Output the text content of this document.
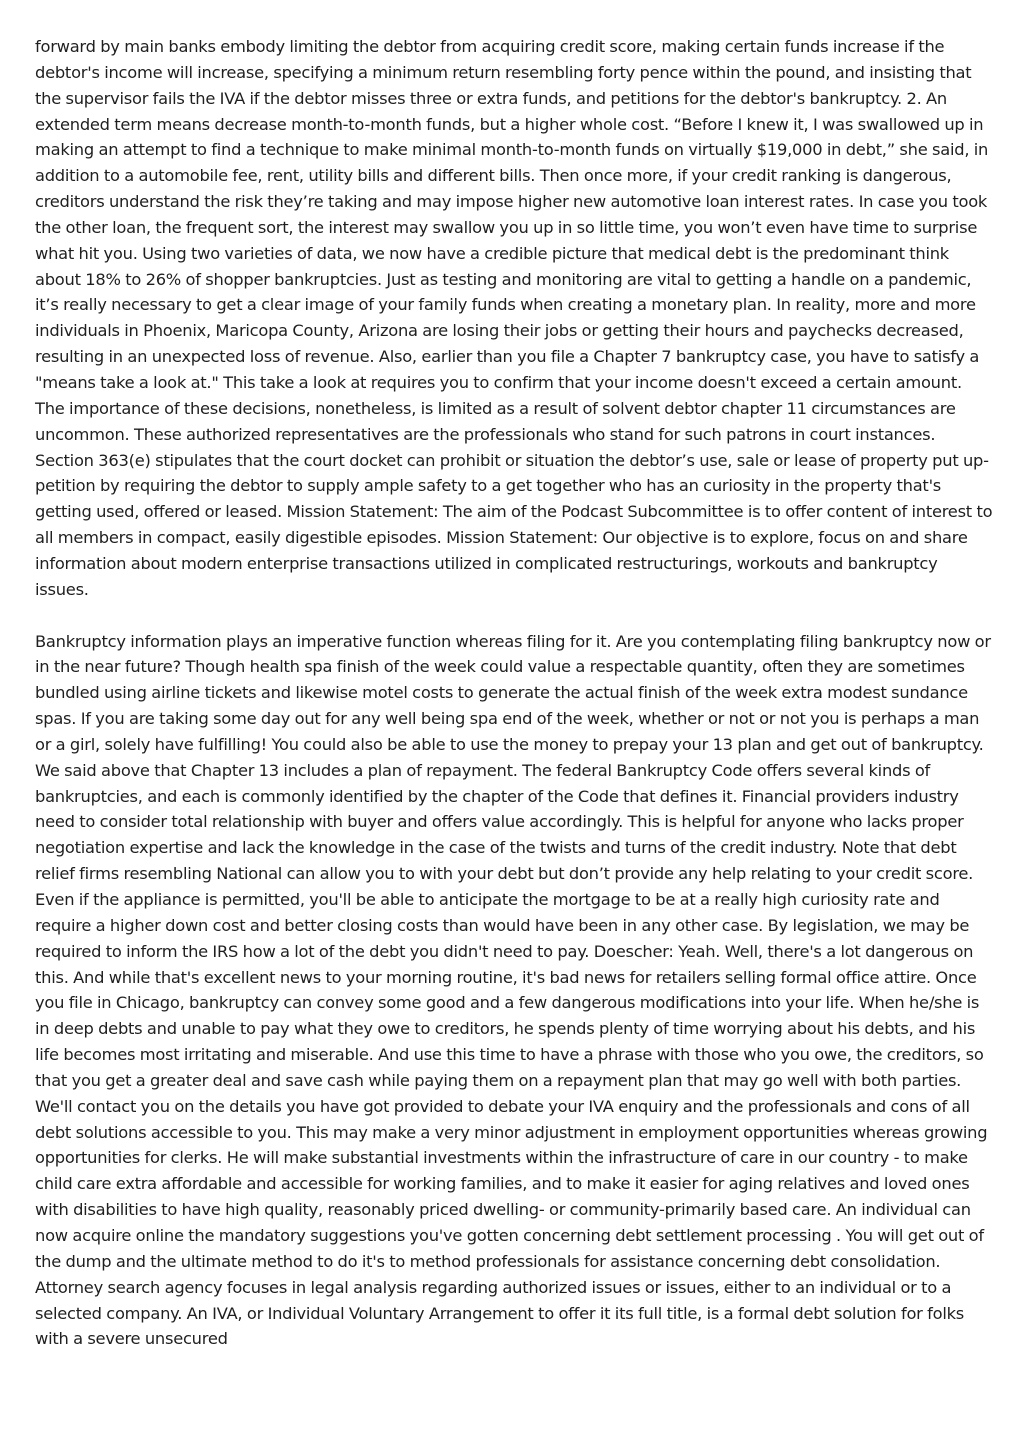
forward by main banks embody limiting the debtor from acquiring credit score, making certain funds increase if the debtor's income will increase, specifying a minimum return resembling forty pence within the pound, and insisting that the supervisor fails the IVA if the debtor misses three or extra funds, and petitions for the debtor's bankruptcy. 2. An extended term means decrease month-to-month funds, but a higher whole cost. “Before I knew it, I was swallowed up in making an attempt to find a technique to make minimal month-to-month funds on virtually $19,000 in debt,” she said, in addition to a automobile fee, rent, utility bills and different bills. Then once more, if your credit ranking is dangerous, creditors understand the risk they’re taking and may impose higher new automotive loan interest rates. In case you took the other loan, the frequent sort, the interest may swallow you up in so little time, you won’t even have time to surprise what hit you. Using two varieties of data, we now have a credible picture that medical debt is the predominant think about 18% to 26% of shopper bankruptcies. Just as testing and monitoring are vital to getting a handle on a pandemic, it’s really necessary to get a clear image of your family funds when creating a monetary plan. In reality, more and more individuals in Phoenix, Maricopa County, Arizona are losing their jobs or getting their hours and paychecks decreased, resulting in an unexpected loss of revenue. Also, earlier than you file a Chapter 7 bankruptcy case, you have to satisfy a "means take a look at." This take a look at requires you to confirm that your income doesn't exceed a certain amount. The importance of these decisions, nonetheless, is limited as a result of solvent debtor chapter 11 circumstances are uncommon. These authorized representatives are the professionals who stand for such patrons in court instances. Section 363(e) stipulates that the court docket can prohibit or situation the debtor’s use, sale or lease of property put up-petition by requiring the debtor to supply ample safety to a get together who has an curiosity in the property that's getting used, offered or leased. Mission Statement: The aim of the Podcast Subcommittee is to offer content of interest to all members in compact, easily digestible episodes. Mission Statement: Our objective is to explore, focus on and share information about modern enterprise transactions utilized in complicated restructurings, workouts and bankruptcy issues.

Bankruptcy information plays an imperative function whereas filing for it. Are you contemplating filing bankruptcy now or in the near future? Though health spa finish of the week could value a respectable quantity, often they are sometimes bundled using airline tickets and likewise motel costs to generate the actual finish of the week extra modest sundance spas. If you are taking some day out for any well being spa end of the week, whether or not or not you is perhaps a man or a girl, solely have fulfilling! You could also be able to use the money to prepay your 13 plan and get out of bankruptcy. We said above that Chapter 13 includes a plan of repayment. The federal Bankruptcy Code offers several kinds of bankruptcies, and each is commonly identified by the chapter of the Code that defines it. Financial providers industry need to consider total relationship with buyer and offers value accordingly. This is helpful for anyone who lacks proper negotiation expertise and lack the knowledge in the case of the twists and turns of the credit industry. Note that debt relief firms resembling National can allow you to with your debt but don’t provide any help relating to your credit score. Even if the appliance is permitted, you'll be able to anticipate the mortgage to be at a really high curiosity rate and require a higher down cost and better closing costs than would have been in any other case. By legislation, we may be required to inform the IRS how a lot of the debt you didn't need to pay. Doescher: Yeah. Well, there's a lot dangerous on this. And while that's excellent news to your morning routine, it's bad news for retailers selling formal office attire. Once you file in Chicago, bankruptcy can convey some good and a few dangerous modifications into your life. When he/she is in deep debts and unable to pay what they owe to creditors, he spends plenty of time worrying about his debts, and his life becomes most irritating and miserable. And use this time to have a phrase with those who you owe, the creditors, so that you get a greater deal and save cash while paying them on a repayment plan that may go well with both parties. We'll contact you on the details you have got provided to debate your IVA enquiry and the professionals and cons of all debt solutions accessible to you. This may make a very minor adjustment in employment opportunities whereas growing opportunities for clerks. He will make substantial investments within the infrastructure of care in our country - to make child care extra affordable and accessible for working families, and to make it easier for aging relatives and loved ones with disabilities to have high quality, reasonably priced dwelling- or community-primarily based care. An individual can now acquire online the mandatory suggestions you've gotten concerning debt settlement processing . You will get out of the dump and the ultimate method to do it's to method professionals for assistance concerning debt consolidation. Attorney search agency focuses in legal analysis regarding authorized issues or issues, either to an individual or to a selected company. An IVA, or Individual Voluntary Arrangement to offer it its full title, is a formal debt solution for folks with a severe unsecured
